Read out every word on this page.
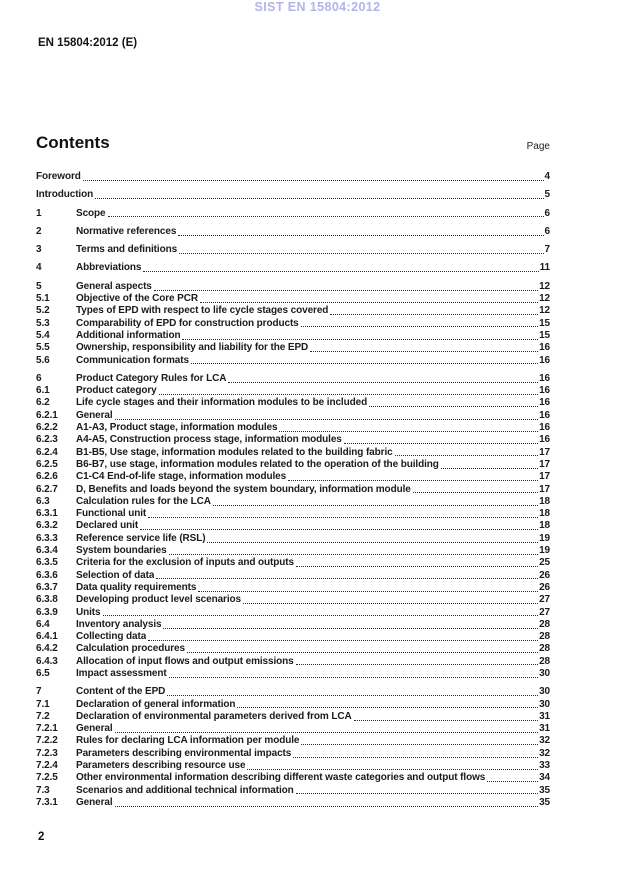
SIST EN 15804:2012
EN 15804:2012 (E)
Contents	Page
Foreword	4
Introduction	5
1	Scope	6
2	Normative references	6
3	Terms and definitions	7
4	Abbreviations	11
5	General aspects	12
5.1	Objective of the Core PCR	12
5.2	Types of EPD with respect to life cycle stages covered	12
5.3	Comparability of EPD for construction products	15
5.4	Additional information	15
5.5	Ownership, responsibility and liability for the EPD	16
5.6	Communication formats	16
6	Product Category Rules for LCA	16
6.1	Product category	16
6.2	Life cycle stages and their information modules to be included	16
6.2.1	General	16
6.2.2	A1-A3, Product stage, information modules	16
6.2.3	A4-A5, Construction process stage, information modules	16
6.2.4	B1-B5, Use stage, information modules related to the building fabric	17
6.2.5	B6-B7, use stage, information modules related to the operation of the building	17
6.2.6	C1-C4 End-of-life stage, information modules	17
6.2.7	D, Benefits and loads beyond the system boundary, information module	17
6.3	Calculation rules for the LCA	18
6.3.1	Functional unit	18
6.3.2	Declared unit	18
6.3.3	Reference service life (RSL)	19
6.3.4	System boundaries	19
6.3.5	Criteria for the exclusion of inputs and outputs	25
6.3.6	Selection of data	26
6.3.7	Data quality requirements	26
6.3.8	Developing product level scenarios	27
6.3.9	Units	27
6.4	Inventory analysis	28
6.4.1	Collecting data	28
6.4.2	Calculation procedures	28
6.4.3	Allocation of input flows and output emissions	28
6.5	Impact assessment	30
7	Content of the EPD	30
7.1	Declaration of general information	30
7.2	Declaration of environmental parameters derived from LCA	31
7.2.1	General	31
7.2.2	Rules for declaring LCA information per module	32
7.2.3	Parameters describing environmental impacts	32
7.2.4	Parameters describing resource use	33
7.2.5	Other environmental information describing different waste categories and output flows	34
7.3	Scenarios and additional technical information	35
7.3.1	General	35
2
